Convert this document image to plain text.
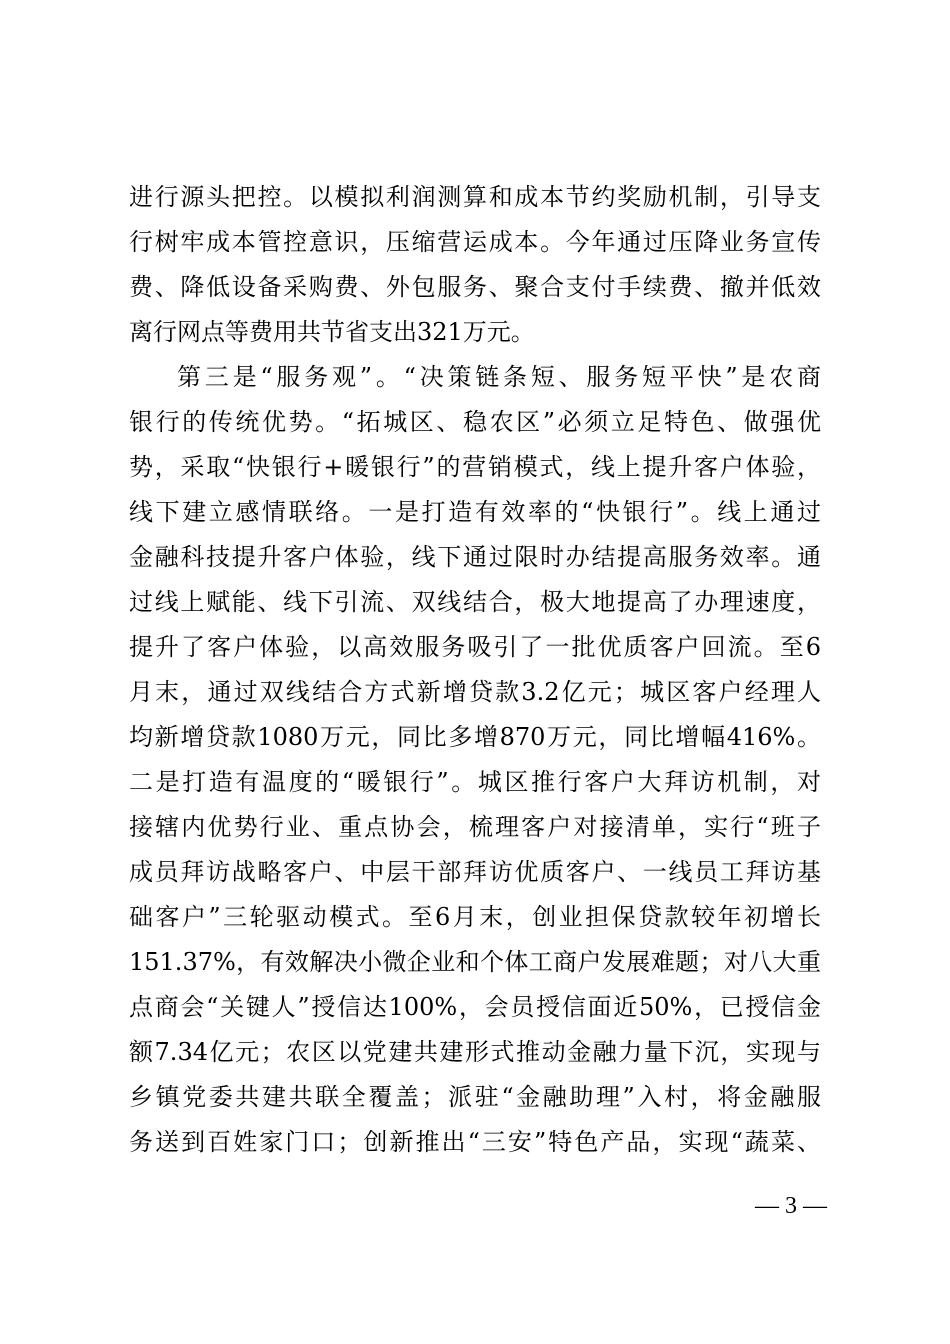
进行源头把控。以模拟利润测算和成本节约奖励机制，引导支
行树牢成本管控意识，压缩营运成本。今年通过压降业务宣传
费、降低设备采购费、外包服务、聚合支付手续费、撤并低效
离行网点等费用共节省支出321万元。
第三是“服务观”。“决策链条短、服务短平快”是农商
银行的传统优势。“拓城区、稳农区”必须立足特色、做强优
势，采取“快银行+暖银行”的营销模式，线上提升客户体验，
线下建立感情联络。一是打造有效率的“快银行”。线上通过
金融科技提升客户体验，线下通过限时办结提高服务效率。通
过线上赋能、线下引流、双线结合，极大地提高了办理速度，
提升了客户体验，以高效服务吸引了一批优质客户回流。至6
月末，通过双线结合方式新增贷款3.2亿元；城区客户经理人
均新增贷款1080万元，同比多增870万元，同比增幅416%。
二是打造有温度的“暖银行”。城区推行客户大拜访机制，对
接辖内优势行业、重点协会，梳理客户对接清单，实行“班子
成员拜访战略客户、中层干部拜访优质客户、一线员工拜访基
础客户”三轮驱动模式。至6月末，创业担保贷款较年初增长
151.37%，有效解决小微企业和个体工商户发展难题；对八大重
点商会“关键人”授信达100%，会员授信面近50%，已授信金
额7.34亿元；农区以党建共建形式推动金融力量下沉，实现与
乡镇党委共建共联全覆盖；派驻“金融助理”入村，将金融服
务送到百姓家门口；创新推出“三安”特色产品，实现“蔬菜、
— 3 —
